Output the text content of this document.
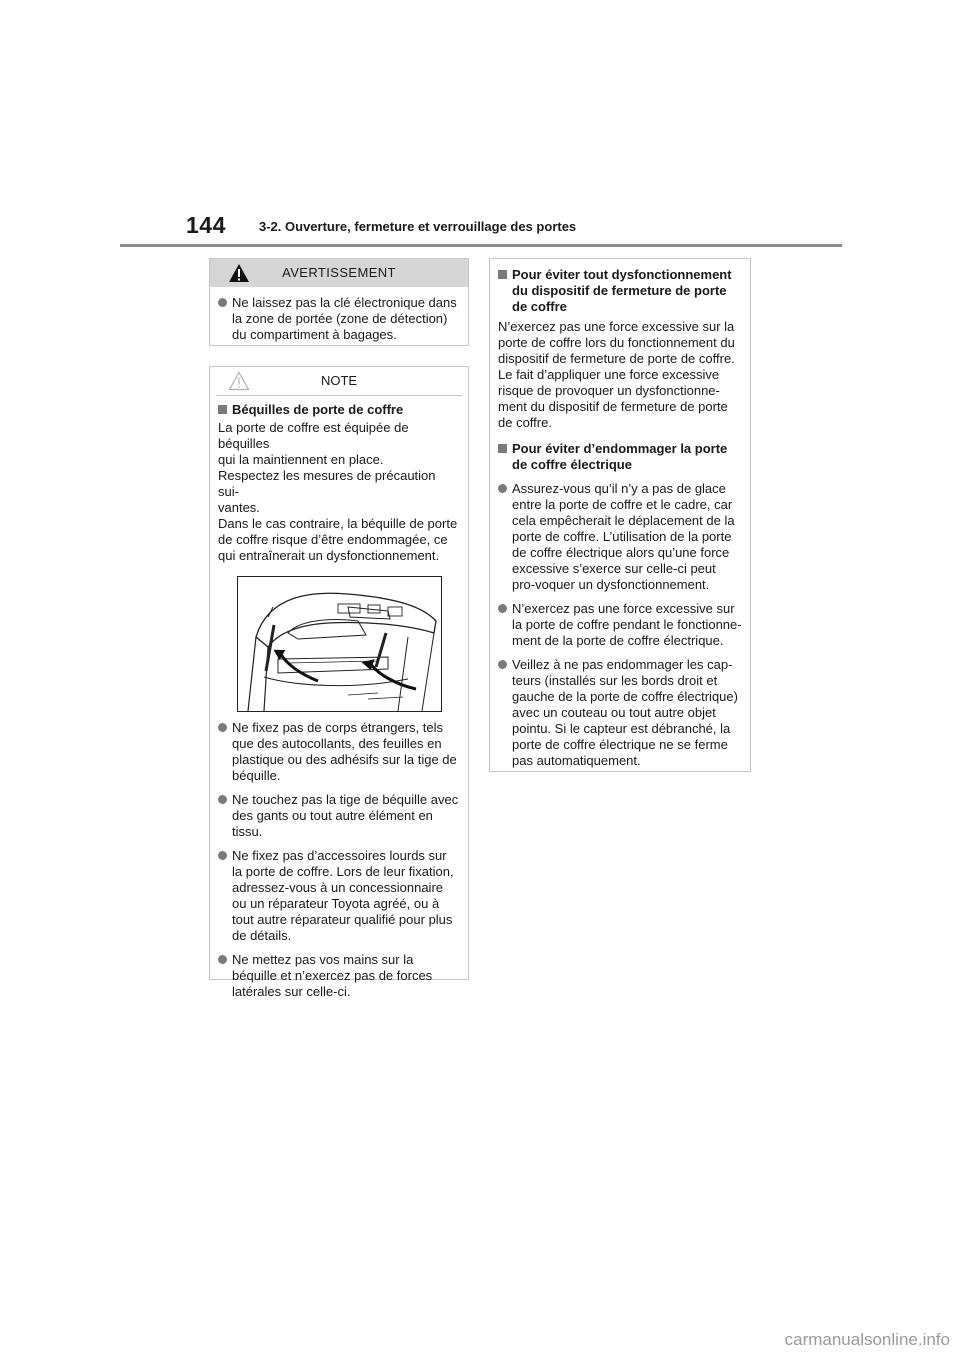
144	3-2. Ouverture, fermeture et verrouillage des portes
AVERTISSEMENT
Ne laissez pas la clé électronique dans la zone de portée (zone de détection) du compartiment à bagages.
NOTE
Béquilles de porte de coffre
La porte de coffre est équipée de béquilles
qui la maintiennent en place.
Respectez les mesures de précaution sui-
vantes.
Dans le cas contraire, la béquille de porte
de coffre risque d’être endommagée, ce
qui entraînerait un dysfonctionnement.
Ne fixez pas de corps étrangers, tels que des autocollants, des feuilles en plastique ou des adhésifs sur la tige de béquille.
Ne touchez pas la tige de béquille avec des gants ou tout autre élément en tissu.
Ne fixez pas d’accessoires lourds sur la porte de coffre. Lors de leur fixation, adressez-vous à un concessionnaire ou un réparateur Toyota agréé, ou à tout autre réparateur qualifié pour plus de détails.
Ne mettez pas vos mains sur la béquille et n’exercez pas de forces latérales sur celle-ci.
Pour éviter tout dysfonctionnement du dispositif de fermeture de porte de coffre
N’exercez pas une force excessive sur la porte de coffre lors du fonctionnement du dispositif de fermeture de porte de coffre. Le fait d’appliquer une force excessive risque de provoquer un dysfonctionne-ment du dispositif de fermeture de porte de coffre.
Pour éviter d’endommager la porte de coffre électrique
Assurez-vous qu’il n’y a pas de glace entre la porte de coffre et le cadre, car cela empêcherait le déplacement de la porte de coffre. L’utilisation de la porte de coffre électrique alors qu’une force excessive s’exerce sur celle-ci peut pro-voquer un dysfonctionnement.
N’exercez pas une force excessive sur la porte de coffre pendant le fonctionne-ment de la porte de coffre électrique.
Veillez à ne pas endommager les cap-teurs (installés sur les bords droit et gauche de la porte de coffre électrique) avec un couteau ou tout autre objet pointu. Si le capteur est débranché, la porte de coffre électrique ne se ferme pas automatiquement.
carmanualsonline.info
